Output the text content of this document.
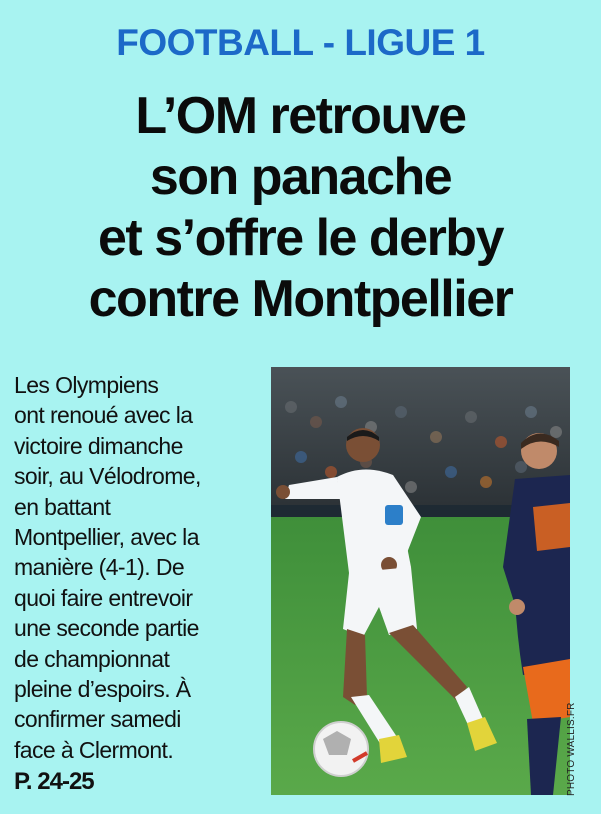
FOOTBALL - LIGUE 1
L’OM retrouve
son panache
et s’offre le derby
contre Montpellier
Les Olympiens
ont renoué avec la
victoire dimanche
soir, au Vélodrome,
en battant
Montpellier, avec la
manière (4-1). De
quoi faire entrevoir
une seconde partie
de championnat
pleine d’espoirs. À
confirmer samedi
face à Clermont.
P. 24-25	PHOTO WALLIS.FR
